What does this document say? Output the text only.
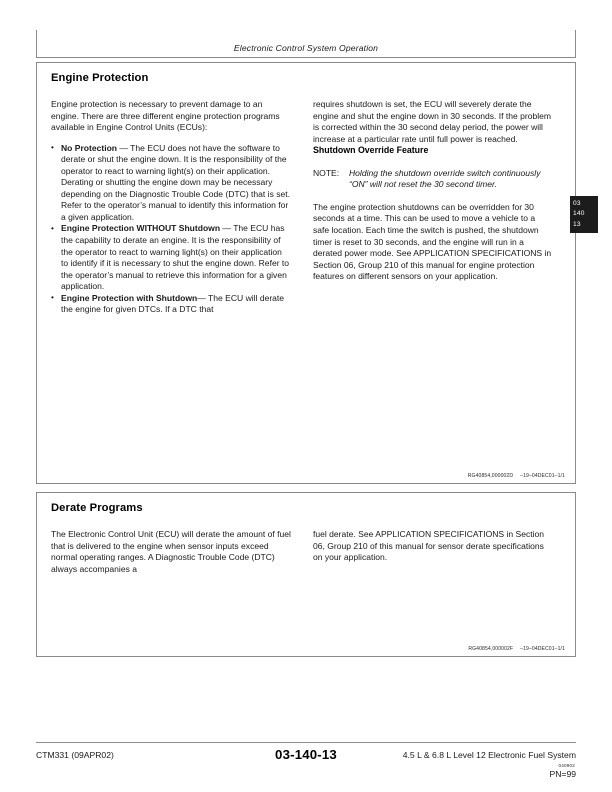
Electronic Control System Operation
Engine Protection

Engine protection is necessary to prevent damage to an engine. There are three different engine protection programs available in Engine Control Units (ECUs):

• No Protection — The ECU does not have the software to derate or shut the engine down. It is the responsibility of the operator to react to warning light(s) on their application. Derating or shutting the engine down may be necessary depending on the Diagnostic Trouble Code (DTC) that is set. Refer to the operator’s manual to identify this information for a given application.
• Engine Protection WITHOUT Shutdown — The ECU has the capability to derate an engine. It is the responsibility of the operator to react to warning light(s) on their application to identify if it is necessary to shut the engine down. Refer to the operator’s manual to retrieve this information for a given application.
• Engine Protection with Shutdown— The ECU will derate the engine for given DTCs. If a DTC that

requires shutdown is set, the ECU will severely derate the engine and shut the engine down in 30 seconds. If the problem is corrected within the 30 second delay period, the power will increase at a particular rate until full power is reached.

Shutdown Override Feature

NOTE: Holding the shutdown override switch continuously “ON” will not reset the 30 second timer.

The engine protection shutdowns can be overridden for 30 seconds at a time. This can be used to move a vehicle to a safe location. Each time the switch is pushed, the shutdown timer is reset to 30 seconds, and the engine will run in a derated power mode. See APPLICATION SPECIFICATIONS in Section 06, Group 210 of this manual for engine protection features on different sensors on your application.

RG40854,000002D –19–04DEC01–1/1
03
140
13
Derate Programs

The Electronic Control Unit (ECU) will derate the amount of fuel that is delivered to the engine when sensor inputs exceed normal operating ranges. A Diagnostic Trouble Code (DTC) always accompanies a

fuel derate. See APPLICATION SPECIFICATIONS in Section 06, Group 210 of this manual for sensor derate specifications on your application.

RG40854,000002F –19–04DEC01–1/1
CTM331 (09APR02)	03-140-13	4.5 L & 6.8 L Level 12 Electronic Fuel System
040902
PN=99
